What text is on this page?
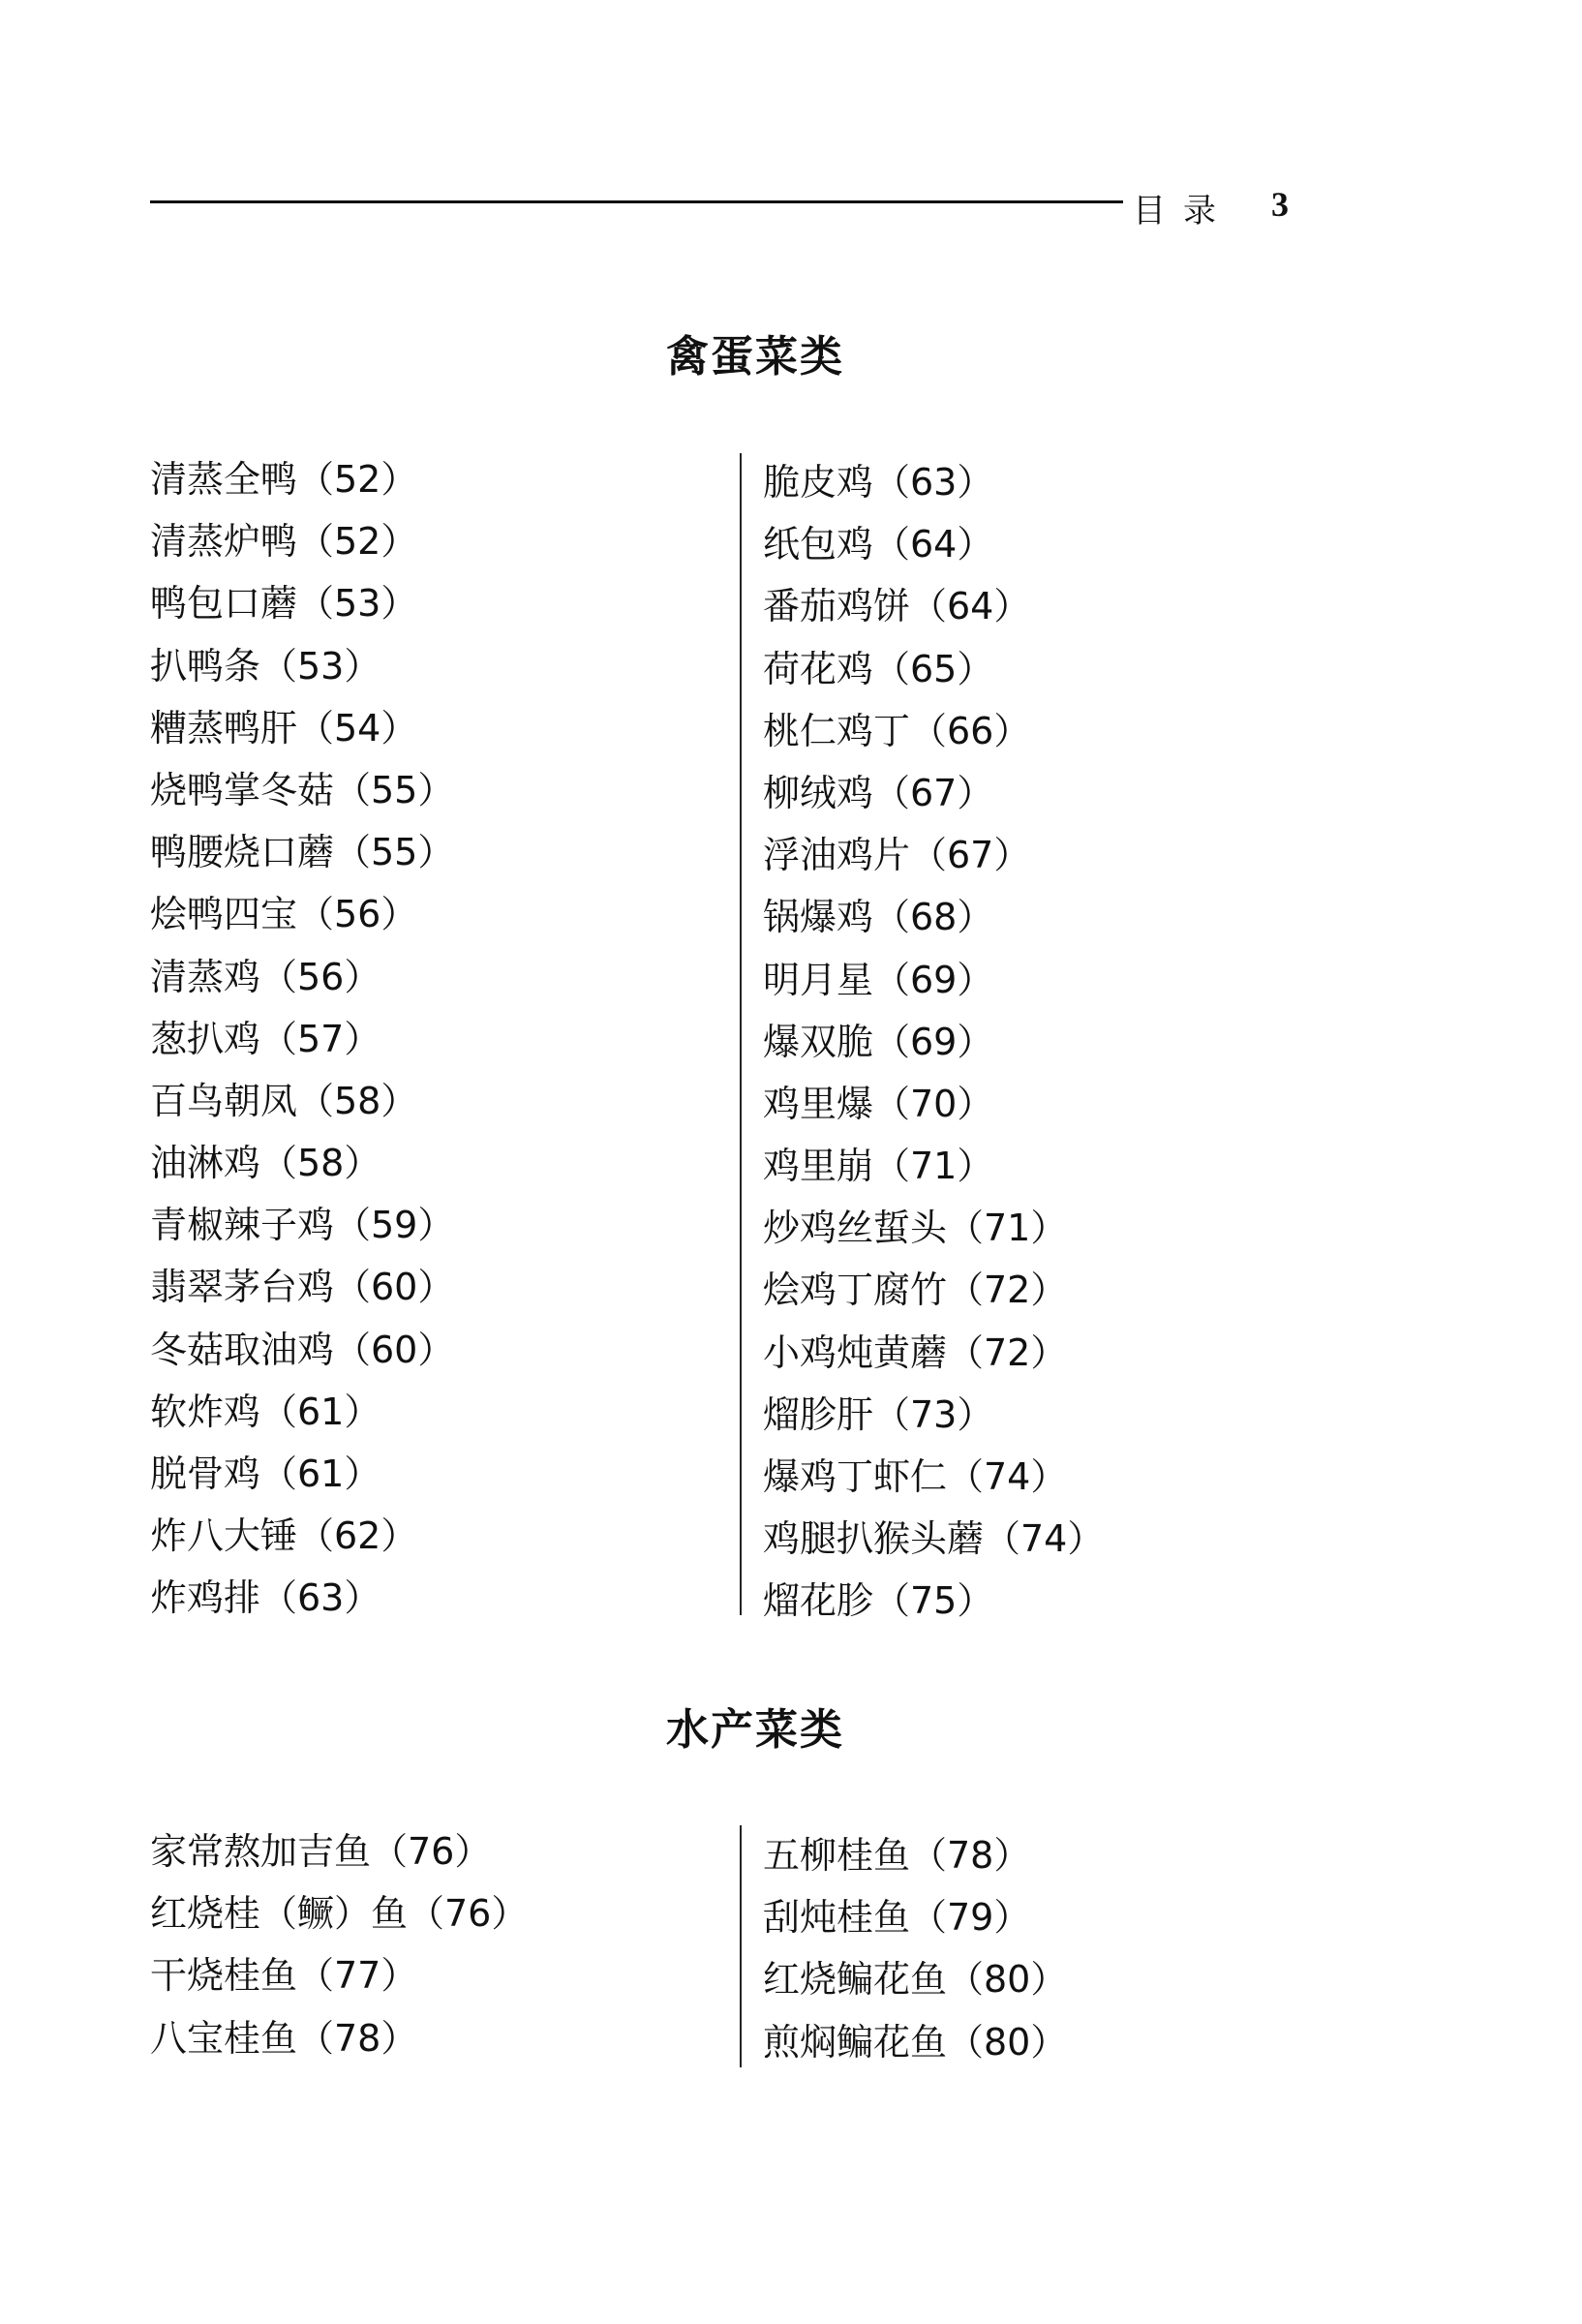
目录 3
禽蛋菜类
清蒸全鸭（52）
清蒸炉鸭（52）
鸭包口蘑（53）
扒鸭条（53）
糟蒸鸭肝（54）
烧鸭掌冬菇（55）
鸭腰烧口蘑（55）
烩鸭四宝（56）
清蒸鸡（56）
葱扒鸡（57）
百鸟朝凤（58）
油淋鸡（58）
青椒辣子鸡（59）
翡翠茅台鸡（60）
冬菇取油鸡（60）
软炸鸡（61）
脱骨鸡（61）
炸八大锤（62）
炸鸡排（63）
脆皮鸡（63）
纸包鸡（64）
番茄鸡饼（64）
荷花鸡（65）
桃仁鸡丁（66）
柳绒鸡（67）
浮油鸡片（67）
锅爆鸡（68）
明月星（69）
爆双脆（69）
鸡里爆（70）
鸡里崩（71）
炒鸡丝蜇头（71）
烩鸡丁腐竹（72）
小鸡炖黄蘑（72）
熘胗肝（73）
爆鸡丁虾仁（74）
鸡腿扒猴头蘑（74）
熘花胗（75）
水产菜类
家常熬加吉鱼（76）
红烧桂（鳜）鱼（76）
干烧桂鱼（77）
八宝桂鱼（78）
五柳桂鱼（78）
刮炖桂鱼（79）
红烧鳊花鱼（80）
煎焖鳊花鱼（80）
